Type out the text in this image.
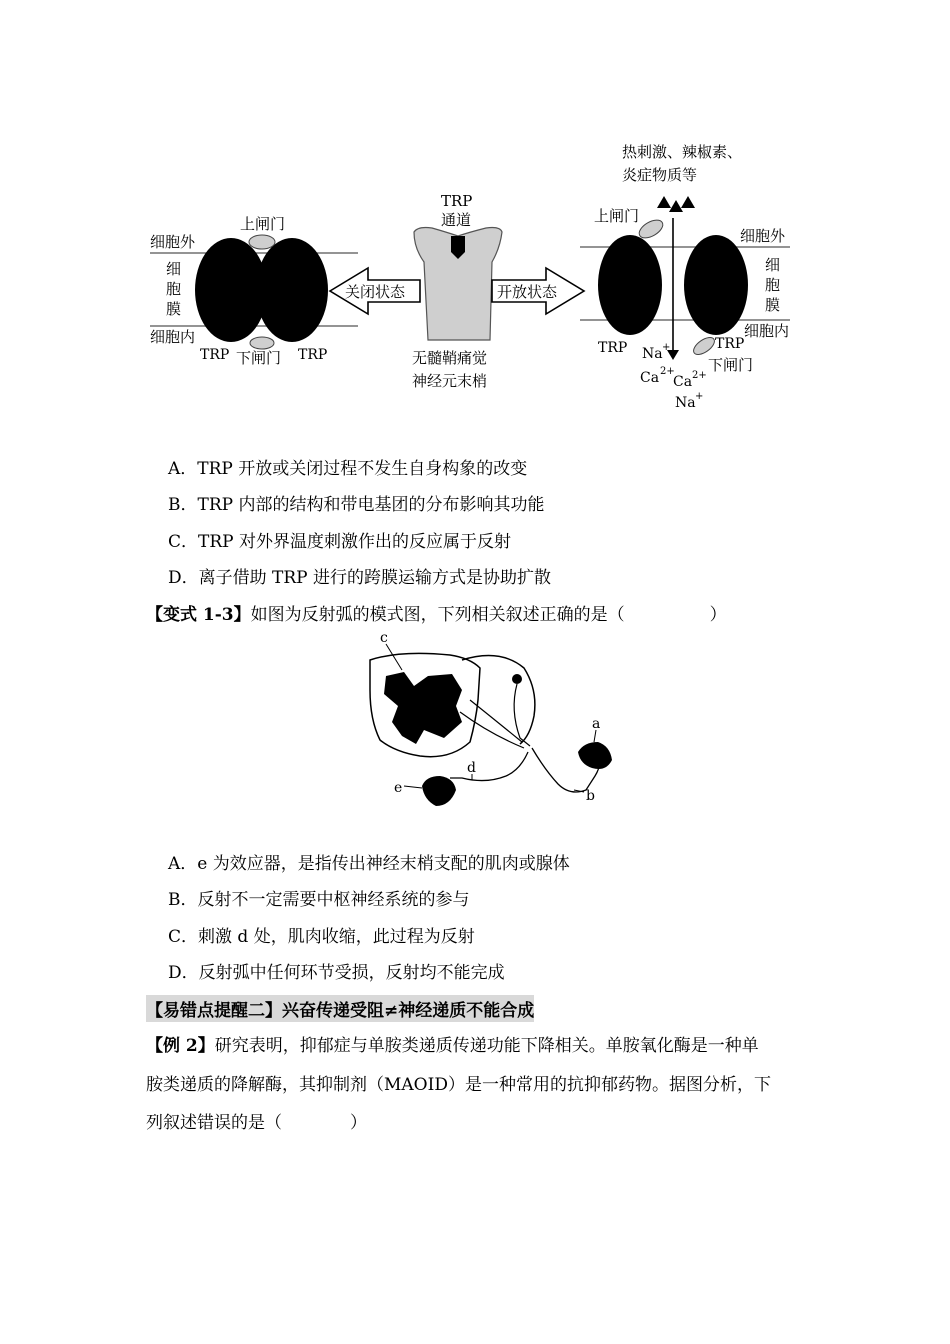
上闸门
细胞外
细
胞
膜
细胞内
TRP 下闸门 TRP
关闭状态
TRP
通道
无髓鞘痛觉
神经元末梢
开放状态
热刺激、辣椒素、
炎症物质等
上闸门
细胞外
细
胞
膜
细胞内
TRP	TRP
下闸门
Na +
Ca 2+
Ca 2+
Na +
A．TRP 开放或关闭过程不发生自身构象的改变
B．TRP 内部的结构和带电基团的分布影响其功能
C．TRP 对外界温度刺激作出的反应属于反射
D．离子借助 TRP 进行的跨膜运输方式是协助扩散
【变式 1-3】如图为反射弧的模式图，下列相关叙述正确的是（　　　　　）
a
b
c
d
e
A．e 为效应器，是指传出神经末梢支配的肌肉或腺体
B．反射不一定需要中枢神经系统的参与
C．刺激 d 处，肌肉收缩，此过程为反射
D．反射弧中任何环节受损，反射均不能完成
【易错点提醒二】兴奋传递受阻≠神经递质不能合成
【例 2】研究表明，抑郁症与单胺类递质传递功能下降相关。单胺氧化酶是一种单
胺类递质的降解酶，其抑制剂（MAOID）是一种常用的抗抑郁药物。据图分析，下
列叙述错误的是（　　　　）
